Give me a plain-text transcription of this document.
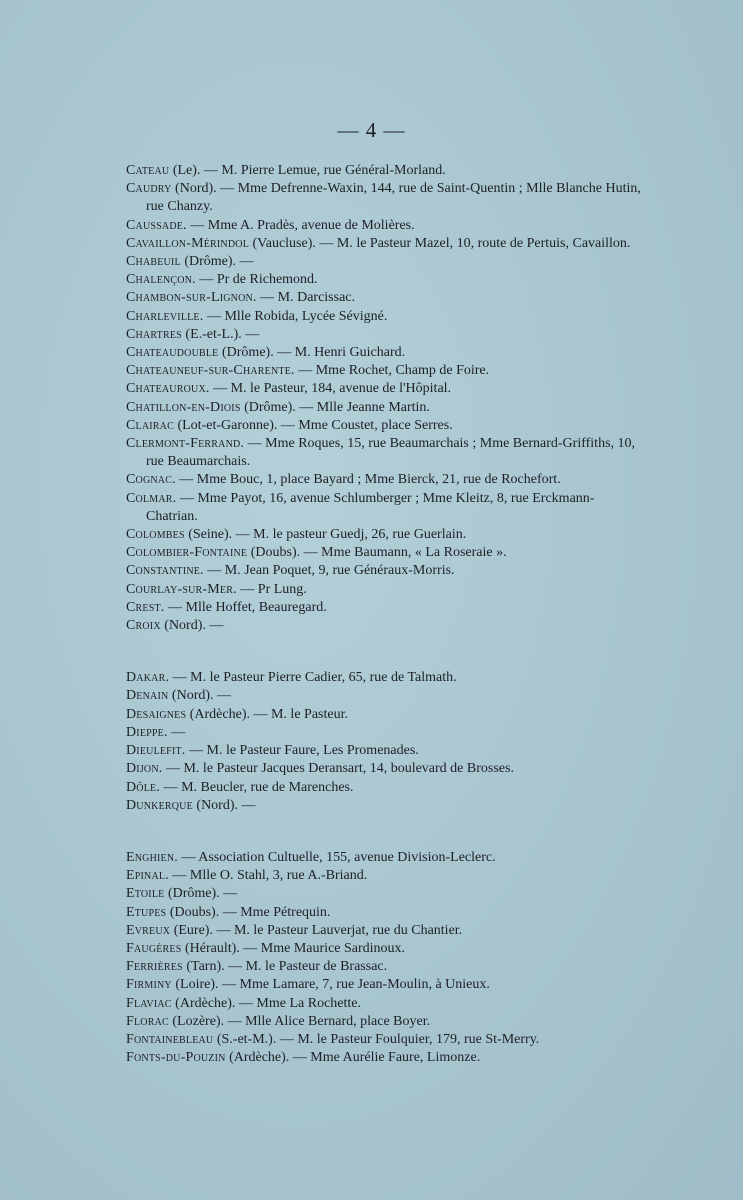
— 4 —

Cateau (Le). — M. Pierre Lemue, rue Général-Morland.

Caudry (Nord). — Mme Defrenne-Waxin, 144, rue de Saint-Quentin ; Mlle Blanche Hutin, rue Chanzy.

Caussade. — Mme A. Pradès, avenue de Molières.

Cavaillon-Mérindol (Vaucluse). — M. le Pasteur Mazel, 10, route de Pertuis, Cavaillon.

Chabeuil (Drôme). —

Chalençon. — Pr de Richemond.

Chambon-sur-Lignon. — M. Darcissac.

Charleville. — Mlle Robida, Lycée Sévigné.

Chartres (E.-et-L.). —

Chateaudouble (Drôme). — M. Henri Guichard.

Chateauneuf-sur-Charente. — Mme Rochet, Champ de Foire.

Chateauroux. — M. le Pasteur, 184, avenue de l'Hôpital.

Chatillon-en-Diois (Drôme). — Mlle Jeanne Martin.

Clairac (Lot-et-Garonne). — Mme Coustet, place Serres.

Clermont-Ferrand. — Mme Roques, 15, rue Beaumarchais ; Mme Bernard-Griffiths, 10, rue Beaumarchais.

Cognac. — Mme Bouc, 1, place Bayard ; Mme Bierck, 21, rue de Rochefort.

Colmar. — Mme Payot, 16, avenue Schlumberger ; Mme Kleitz, 8, rue Erckmann-Chatrian.

Colombes (Seine). — M. le pasteur Guedj, 26, rue Guerlain.

Colombier-Fontaine (Doubs). — Mme Baumann, « La Roseraie ».

Constantine. — M. Jean Poquet, 9, rue Généraux-Morris.

Courlay-sur-Mer. — Pr Lung.

Crest. — Mlle Hoffet, Beauregard.

Croix (Nord). —

Dakar. — M. le Pasteur Pierre Cadier, 65, rue de Talmath.

Denain (Nord). —

Desaignes (Ardèche). — M. le Pasteur.

Dieppe. —

Dieulefit. — M. le Pasteur Faure, Les Promenades.

Dijon. — M. le Pasteur Jacques Deransart, 14, boulevard de Brosses.

Dôle. — M. Beucler, rue de Marenches.

Dunkerque (Nord). —

Enghien. — Association Cultuelle, 155, avenue Division-Leclerc.

Epinal. — Mlle O. Stahl, 3, rue A.-Briand.

Etoile (Drôme). —

Etupes (Doubs). — Mme Pétrequin.

Evreux (Eure). — M. le Pasteur Lauverjat, rue du Chantier.

Faugères (Hérault). — Mme Maurice Sardinoux.

Ferrières (Tarn). — M. le Pasteur de Brassac.

Firminy (Loire). — Mme Lamare, 7, rue Jean-Moulin, à Unieux.

Flaviac (Ardèche). — Mme La Rochette.

Florac (Lozère). — Mlle Alice Bernard, place Boyer.

Fontainebleau (S.-et-M.). — M. le Pasteur Foulquier, 179, rue St-Merry.

Fonts-du-Pouzin (Ardèche). — Mme Aurélie Faure, Limonze.
